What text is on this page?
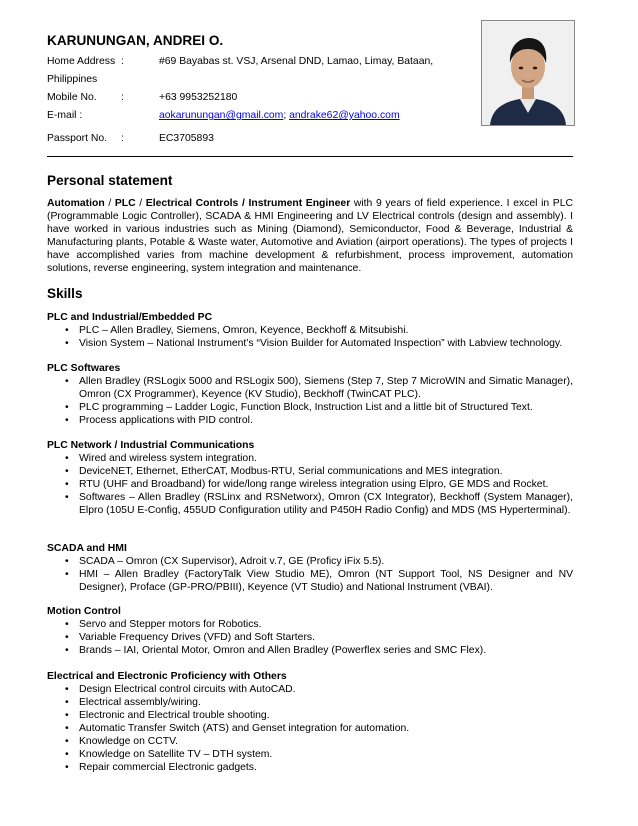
KARUNUNGAN, ANDREI O.
Home Address :	#69 Bayabas st. VSJ, Arsenal DND, Lamao, Limay, Bataan,
Philippines
Mobile No. :	+63 9953252180
E-mail :	aokarunungan@gmail.com; andrake62@yahoo.com
Passport No. :	EC3705893
Personal statement
Automation / PLC / Electrical Controls / Instrument Engineer with 9 years of field experience. I excel in PLC (Programmable Logic Controller), SCADA & HMI Engineering and LV Electrical controls (design and assembly). I have worked in various industries such as Mining (Diamond), Semiconductor, Food & Beverage, Industrial & Manufacturing plants, Potable & Waste water, Automotive and Aviation (airport operations). The types of projects I have accomplished varies from machine development & refurbishment, process improvement, automation solutions, reverse engineering, system integration and maintenance.
Skills
PLC and Industrial/Embedded PC
• PLC – Allen Bradley, Siemens, Omron, Keyence, Beckhoff & Mitsubishi.
• Vision System – National Instrument’s “Vision Builder for Automated Inspection” with Labview technology.
PLC Softwares
• Allen Bradley (RSLogix 5000 and RSLogix 500), Siemens (Step 7, Step 7 MicroWIN and Simatic Manager), Omron (CX Programmer), Keyence (KV Studio), Beckhoff (TwinCAT PLC).
• PLC programming – Ladder Logic, Function Block, Instruction List and a little bit of Structured Text.
• Process applications with PID control.
PLC Network / Industrial Communications
• Wired and wireless system integration.
• DeviceNET, Ethernet, EtherCAT, Modbus-RTU, Serial communications and MES integration.
• RTU (UHF and Broadband) for wide/long range wireless integration using Elpro, GE MDS and Rocket.
• Softwares – Allen Bradley (RSLinx and RSNetworx), Omron (CX Integrator), Beckhoff (System Manager), Elpro (105U E-Config, 455UD Configuration utility and P450H Radio Config) and MDS (MS Hyperterminal).
SCADA and HMI
• SCADA – Omron (CX Supervisor), Adroit v.7, GE (Proficy iFix 5.5).
• HMI – Allen Bradley (FactoryTalk View Studio ME), Omron (NT Support Tool, NS Designer and NV Designer), Proface (GP-PRO/PBIII), Keyence (VT Studio) and National Instrument (VBAI).
Motion Control
• Servo and Stepper motors for Robotics.
• Variable Frequency Drives (VFD) and Soft Starters.
• Brands – IAI, Oriental Motor, Omron and Allen Bradley (Powerflex series and SMC Flex).
Electrical and Electronic Proficiency with Others
• Design Electrical control circuits with AutoCAD.
• Electrical assembly/wiring.
• Electronic and Electrical trouble shooting.
• Automatic Transfer Switch (ATS) and Genset integration for automation.
• Knowledge on CCTV.
• Knowledge on Satellite TV – DTH system.
• Repair commercial Electronic gadgets.
